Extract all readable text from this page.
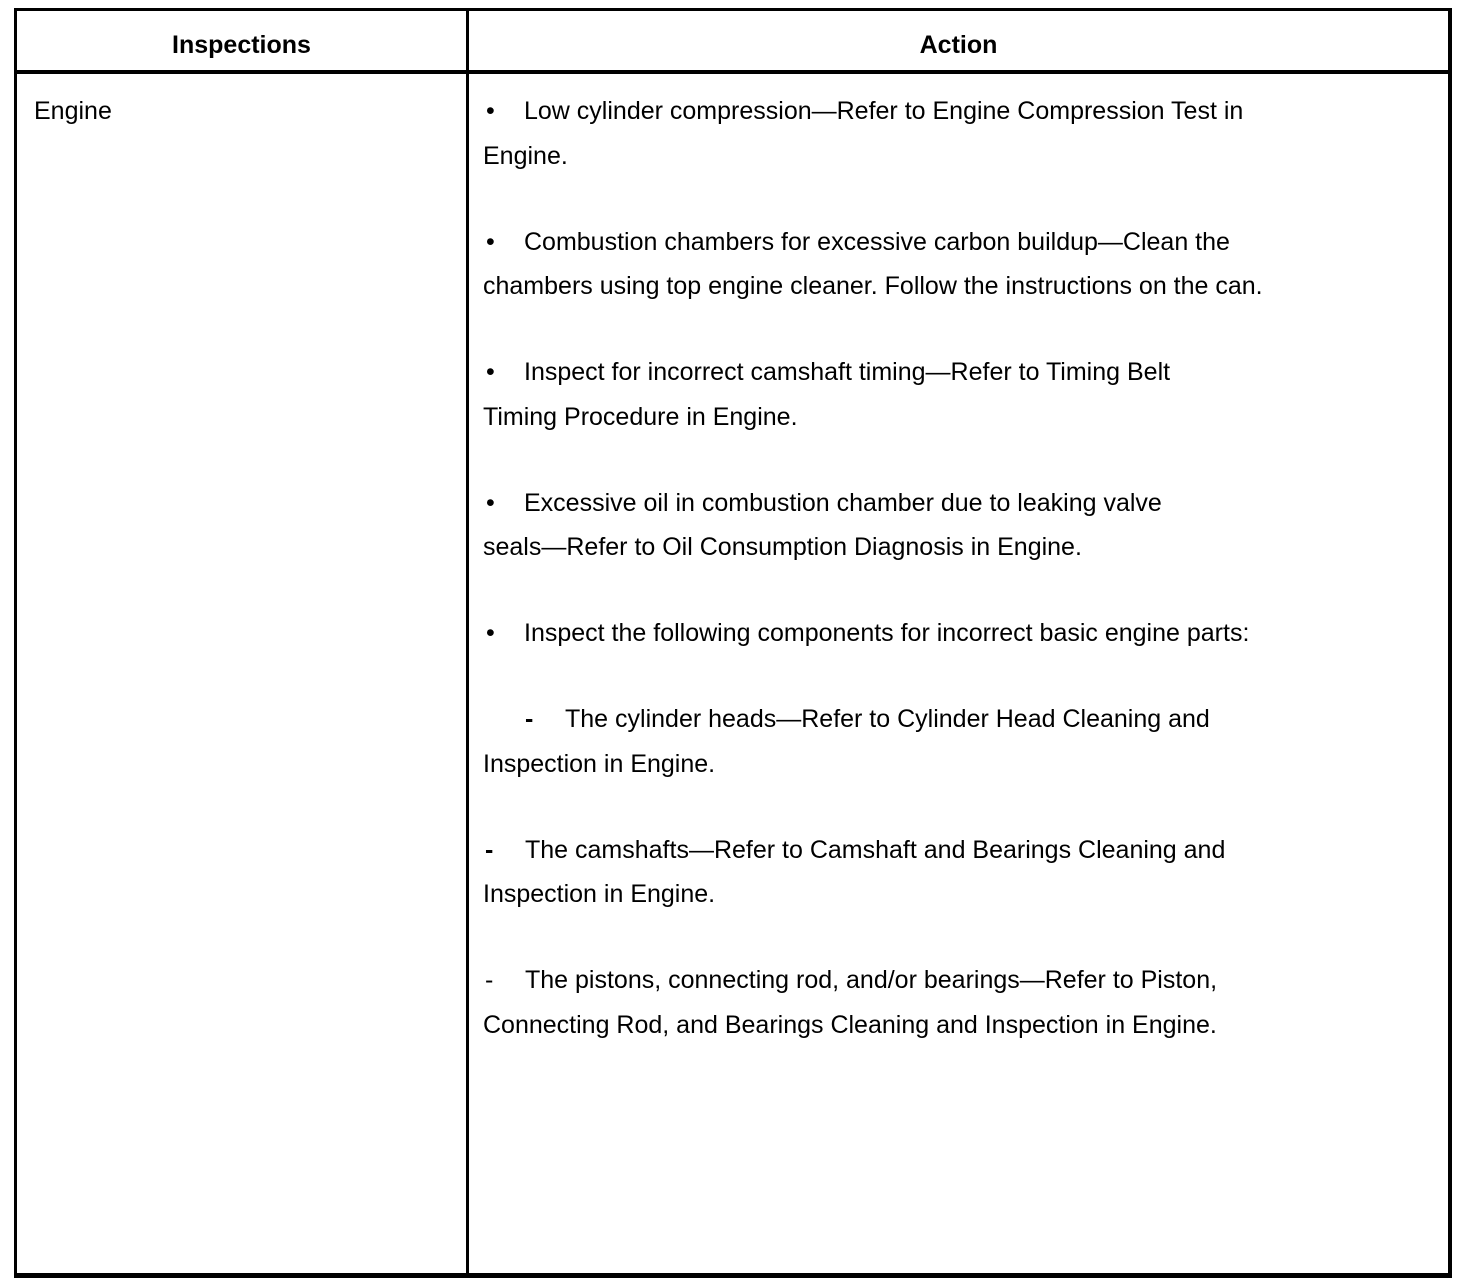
Inspections	Action
Engine	• Low cylinder compression—Refer to Engine Compression Test in
Engine.
• Combustion chambers for excessive carbon buildup—Clean the
chambers using top engine cleaner. Follow the instructions on the can.
• Inspect for incorrect camshaft timing—Refer to Timing Belt
Timing Procedure in Engine.
• Excessive oil in combustion chamber due to leaking valve
seals—Refer to Oil Consumption Diagnosis in Engine.
• Inspect the following components for incorrect basic engine parts:
- The cylinder heads—Refer to Cylinder Head Cleaning and
Inspection in Engine.
- The camshafts—Refer to Camshaft and Bearings Cleaning and
Inspection in Engine.
- The pistons, connecting rod, and/or bearings—Refer to Piston,
Connecting Rod, and Bearings Cleaning and Inspection in Engine.
